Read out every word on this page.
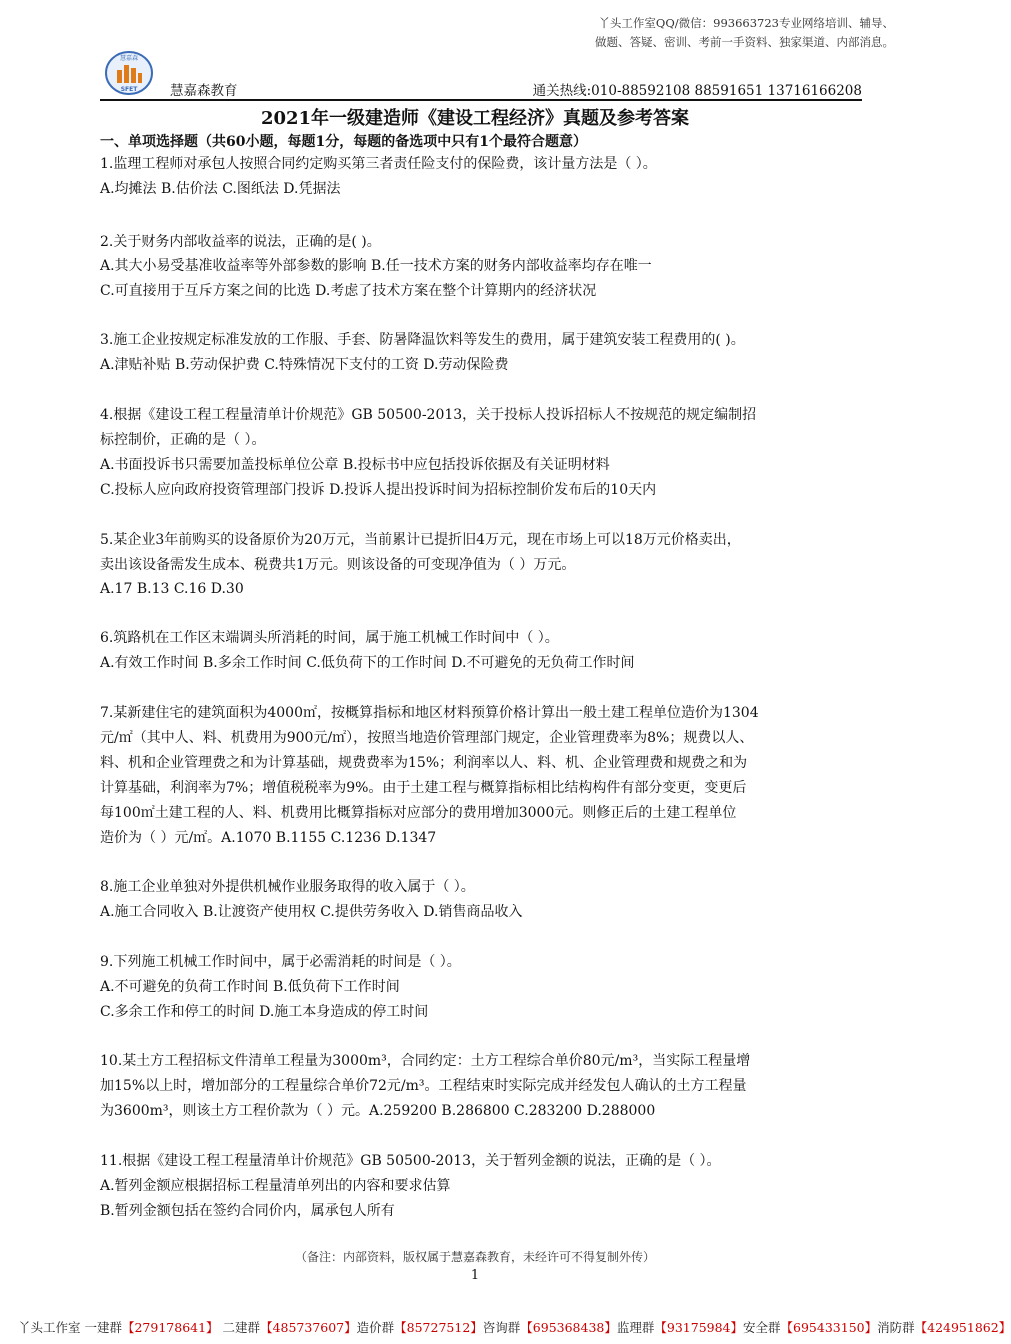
丫头工作室QQ/微信：993663723专业网络培训、辅导、
做题、答疑、密训、考前一手资料、独家渠道、内部消息。
慧嘉森
SFET 慧嘉森教育	通关热线:010-88592108 88591651 13716166208
2021年一级建造师《建设工程经济》真题及参考答案
一、单项选择题（共60小题，每题1分，每题的备选项中只有1个最符合题意）
1.监理工程师对承包人按照合同约定购买第三者责任险支付的保险费，该计量方法是（ ）。
A.均摊法 B.估价法 C.图纸法 D.凭据法
2.关于财务内部收益率的说法，正确的是( )。
A.其大小易受基准收益率等外部参数的影响 B.任一技术方案的财务内部收益率均存在唯一
C.可直接用于互斥方案之间的比选 D.考虑了技术方案在整个计算期内的经济状况
3.施工企业按规定标准发放的工作服、手套、防暑降温饮料等发生的费用，属于建筑安装工程费用的( )。
A.津贴补贴 B.劳动保护费 C.特殊情况下支付的工资 D.劳动保险费
4.根据《建设工程工程量清单计价规范》GB 50500-2013，关于投标人投诉招标人不按规范的规定编制招
标控制价，正确的是（ ）。
A.书面投诉书只需要加盖投标单位公章 B.投标书中应包括投诉依据及有关证明材料
C.投标人应向政府投资管理部门投诉 D.投诉人提出投诉时间为招标控制价发布后的10天内
5.某企业3年前购买的设备原价为20万元，当前累计已提折旧4万元，现在市场上可以18万元价格卖出，
卖出该设备需发生成本、税费共1万元。则该设备的可变现净值为（ ）万元。
A.17 B.13 C.16 D.30
6.筑路机在工作区末端调头所消耗的时间，属于施工机械工作时间中（ ）。
A.有效工作时间 B.多余工作时间 C.低负荷下的工作时间 D.不可避免的无负荷工作时间
7.某新建住宅的建筑面积为4000㎡，按概算指标和地区材料预算价格计算出一般土建工程单位造价为1304
元/㎡（其中人、料、机费用为900元/㎡），按照当地造价管理部门规定，企业管理费率为8%；规费以人、
料、机和企业管理费之和为计算基础，规费费率为15%；利润率以人、料、机、企业管理费和规费之和为
计算基础，利润率为7%；增值税税率为9%。由于土建工程与概算指标相比结构构件有部分变更，变更后
每100㎡土建工程的人、料、机费用比概算指标对应部分的费用增加3000元。则修正后的土建工程单位
造价为（ ）元/㎡。A.1070 B.1155 C.1236 D.1347
8.施工企业单独对外提供机械作业服务取得的收入属于（ ）。
A.施工合同收入 B.让渡资产使用权 C.提供劳务收入 D.销售商品收入
9.下列施工机械工作时间中，属于必需消耗的时间是（ ）。
A.不可避免的负荷工作时间 B.低负荷下工作时间
C.多余工作和停工的时间 D.施工本身造成的停工时间
10.某土方工程招标文件清单工程量为3000m³，合同约定：土方工程综合单价80元/m³，当实际工程量增
加15%以上时，增加部分的工程量综合单价72元/m³。工程结束时实际完成并经发包人确认的土方工程量
为3600m³，则该土方工程价款为（ ）元。A.259200 B.286800 C.283200 D.288000
11.根据《建设工程工程量清单计价规范》GB 50500-2013，关于暂列金额的说法，正确的是（ ）。
A.暂列金额应根据招标工程量清单列出的内容和要求估算
B.暂列金额包括在签约合同价内，属承包人所有
（备注：内部资料，版权属于慧嘉森教育，未经许可不得复制外传）
1
丫头工作室 一建群【279178641】 二建群【485737607】造价群【85727512】咨询群【695368438】监理群【93175984】安全群【695433150】消防群【424951862】
